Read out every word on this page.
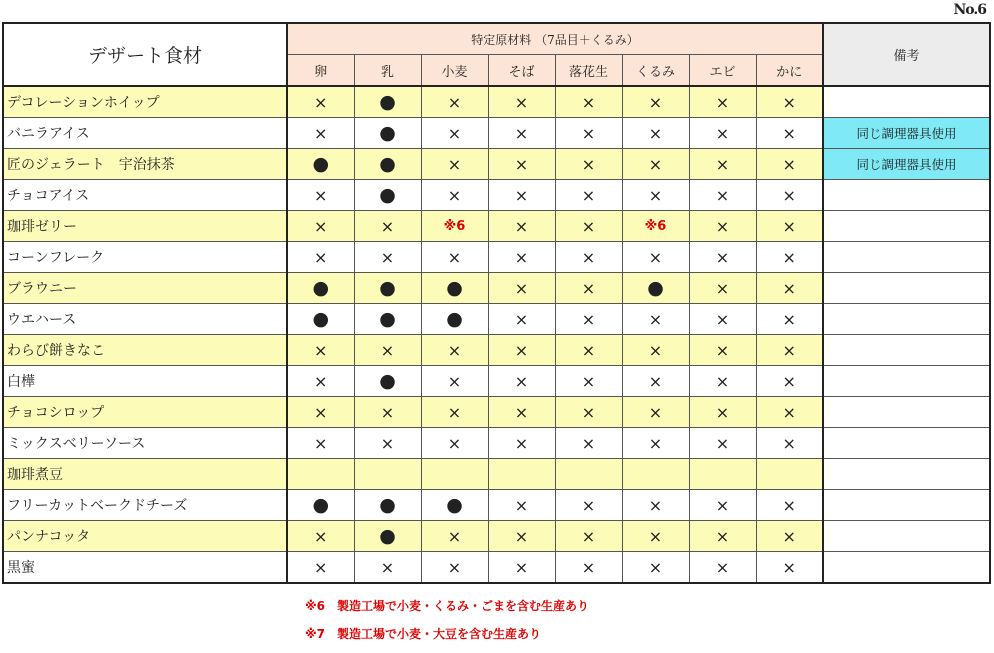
No.6
デザート食材	特定原材料 （7品目＋くるみ）								備考
	卵	乳	小麦	そば	落花生	くるみ	エビ	かに	
デコレーションホイップ	×	●	×	×	×	×	×	×	
バニラアイス	×	●	×	×	×	×	×	×	同じ調理器具使用
匠のジェラート　宇治抹茶	●	●	×	×	×	×	×	×	同じ調理器具使用
チョコアイス	×	●	×	×	×	×	×	×	
珈琲ゼリー	×	×	※6	×	×	※6	×	×	
コーンフレーク	×	×	×	×	×	×	×	×	
ブラウニー	●	●	●	×	×	●	×	×	
ウエハース	●	●	●	×	×	×	×	×	
わらび餅きなこ	×	×	×	×	×	×	×	×	
白樺	×	●	×	×	×	×	×	×	
チョコシロップ	×	×	×	×	×	×	×	×	
ミックスベリーソース	×	×	×	×	×	×	×	×	
珈琲煮豆									
フリーカットベークドチーズ	●	●	●	×	×	×	×	×	
パンナコッタ	×	●	×	×	×	×	×	×	
黒蜜	×	×	×	×	×	×	×	×	
※6　製造工場で小麦・くるみ・ごまを含む生産あり
※7　製造工場で小麦・大豆を含む生産あり
